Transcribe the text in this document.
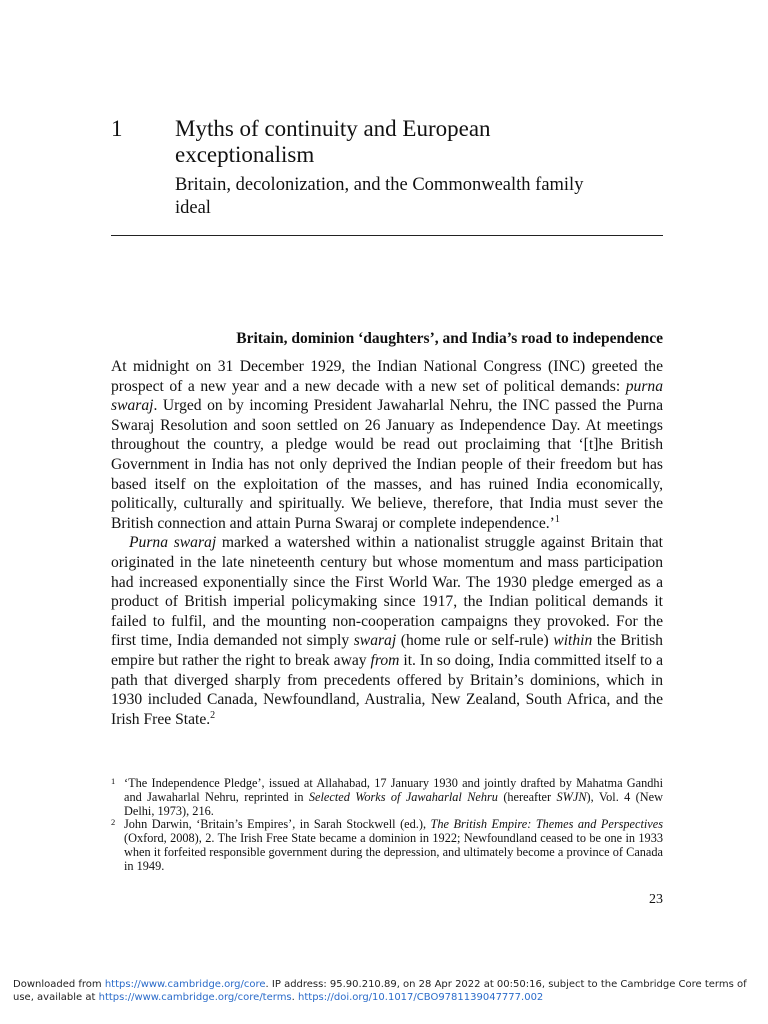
1 Myths of continuity and European exceptionalism
Britain, decolonization, and the Commonwealth family ideal
Britain, dominion ‘daughters’, and India’s road to independence

At midnight on 31 December 1929, the Indian National Congress (INC) greeted the prospect of a new year and a new decade with a new set of political demands: purna swaraj. Urged on by incoming President Jawaharlal Nehru, the INC passed the Purna Swaraj Resolution and soon settled on 26 January as Independence Day. At meetings throughout the country, a pledge would be read out proclaiming that ‘[t]he British Government in India has not only deprived the Indian people of their freedom but has based itself on the exploitation of the masses, and has ruined India economically, politically, culturally and spiritually. We believe, therefore, that India must sever the British connection and attain Purna Swaraj or complete independence.’$^1$

Purna swaraj marked a watershed within a nationalist struggle against Britain that originated in the late nineteenth century but whose momentum and mass participation had increased exponentially since the First World War. The 1930 pledge emerged as a product of British imperial policymaking since 1917, the Indian political demands it failed to fulfil, and the mounting non-cooperation campaigns they provoked. For the first time, India demanded not simply swaraj (home rule or self-rule) within the British empire but rather the right to break away from it. In so doing, India committed itself to a path that diverged sharply from precedents offered by Britain’s dominions, which in 1930 included Canada, Newfoundland, Australia, New Zealand, South Africa, and the Irish Free State.$^2$

1 ‘The Independence Pledge’, issued at Allahabad, 17 January 1930 and jointly drafted by Mahatma Gandhi and Jawaharlal Nehru, reprinted in Selected Works of Jawaharlal Nehru (hereafter SWJN), Vol. 4 (New Delhi, 1973), 216.
2 John Darwin, ‘Britain’s Empires’, in Sarah Stockwell (ed.), The British Empire: Themes and Perspectives (Oxford, 2008), 2. The Irish Free State became a dominion in 1922; Newfoundland ceased to be one in 1933 when it forfeited responsible government during the depression, and ultimately become a province of Canada in 1949.
23
Downloaded from https://www.cambridge.org/core. IP address: 95.90.210.89, on 28 Apr 2022 at 00:50:16, subject to the Cambridge Core terms of use, available at https://www.cambridge.org/core/terms. https://doi.org/10.1017/CBO9781139047777.002
